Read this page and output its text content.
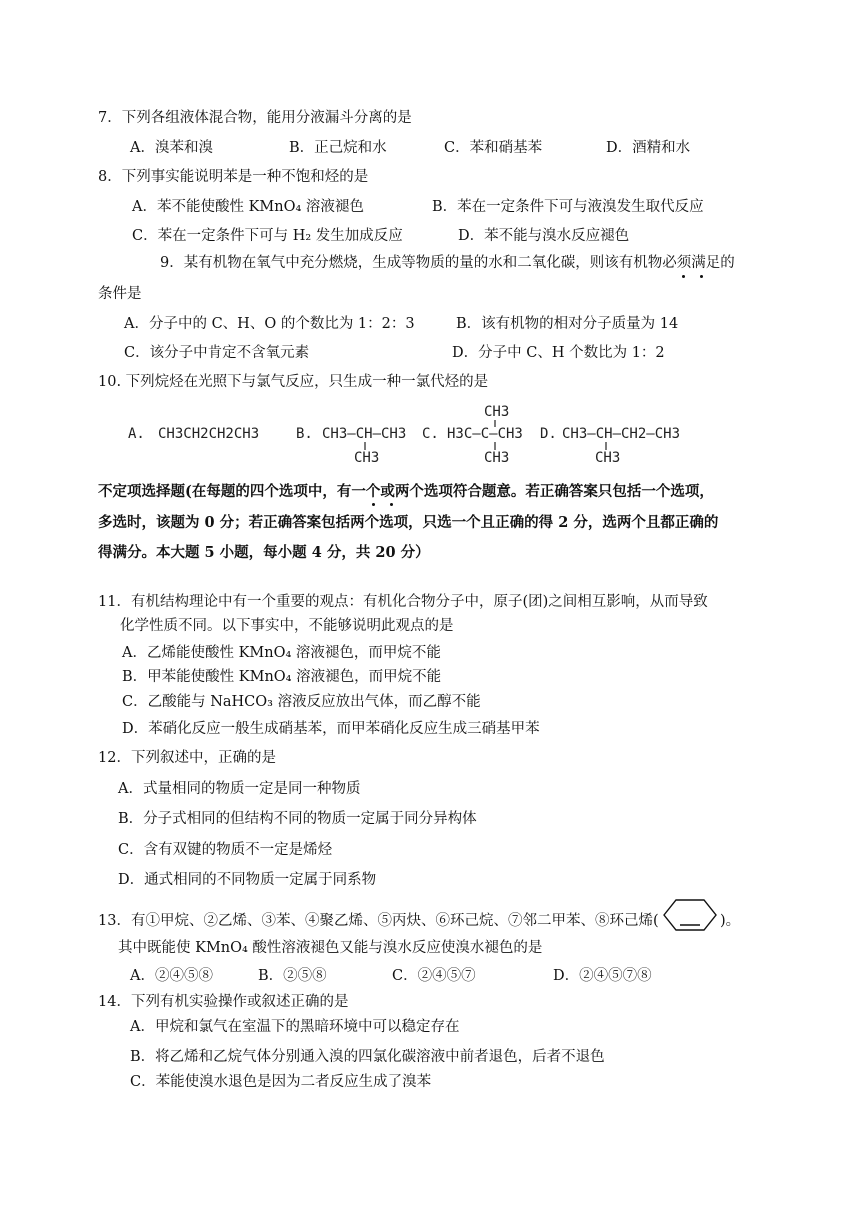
7．下列各组液体混合物，能用分液漏斗分离的是
A．溴苯和溴	B．正己烷和水	C．苯和硝基苯	D．酒精和水
8．下列事实能说明苯是一种不饱和烃的是
A．苯不能使酸性 KMnO₄ 溶液褪色	B．苯在一定条件下可与液溴发生取代反应
C．苯在一定条件下可与 H₂ 发生加成反应	D．苯不能与溴水反应褪色
9．某有机物在氧气中充分燃烧，生成等物质的量的水和二氧化碳，则该有机物必须满足的
条件是
A．分子中的 C、H、O 的个数比为 1：2：3	B．该有机物的相对分子质量为 14
C．该分子中肯定不含氧元素	D．分子中 C、H 个数比为 1：2
10. 下列烷烃在光照下与氯气反应，只生成一种一氯代烃的是
A. CH3CH2CH2CH3	B. CH3—CH—CH3
CH3
C.
CH3
H3C—C—CH3
CH3
D. CH3—CH—CH2—CH3
CH3
不定项选择题(在每题的四个选项中，有一个或两个选项符合题意。若正确答案只包括一个选项，
多选时，该题为 0 分；若正确答案包括两个选项，只选一个且正确的得 2 分，选两个且都正确的
得满分。本大题 5 小题，每小题 4 分，共 20 分）
11．有机结构理论中有一个重要的观点：有机化合物分子中，原子(团)之间相互影响，从而导致
化学性质不同。以下事实中，不能够说明此观点的是
A．乙烯能使酸性 KMnO₄ 溶液褪色，而甲烷不能
B．甲苯能使酸性 KMnO₄ 溶液褪色，而甲烷不能
C．乙酸能与 NaHCO₃ 溶液反应放出气体，而乙醇不能
D．苯硝化反应一般生成硝基苯，而甲苯硝化反应生成三硝基甲苯
12．下列叙述中，正确的是
A．式量相同的物质一定是同一种物质
B．分子式相同的但结构不同的物质一定属于同分异构体
C．含有双键的物质不一定是烯烃
D．通式相同的不同物质一定属于同系物
13．有①甲烷、②乙烯、③苯、④聚乙烯、⑤丙炔、⑥环己烷、⑦邻二甲苯、⑧环己烯(	)。
其中既能使 KMnO₄ 酸性溶液褪色又能与溴水反应使溴水褪色的是
A．②④⑤⑧	B．②⑤⑧	C．②④⑤⑦	D．②④⑤⑦⑧
14．下列有机实验操作或叙述正确的是
A．甲烷和氯气在室温下的黑暗环境中可以稳定存在
B．将乙烯和乙烷气体分别通入溴的四氯化碳溶液中前者退色，后者不退色
C．苯能使溴水退色是因为二者反应生成了溴苯
